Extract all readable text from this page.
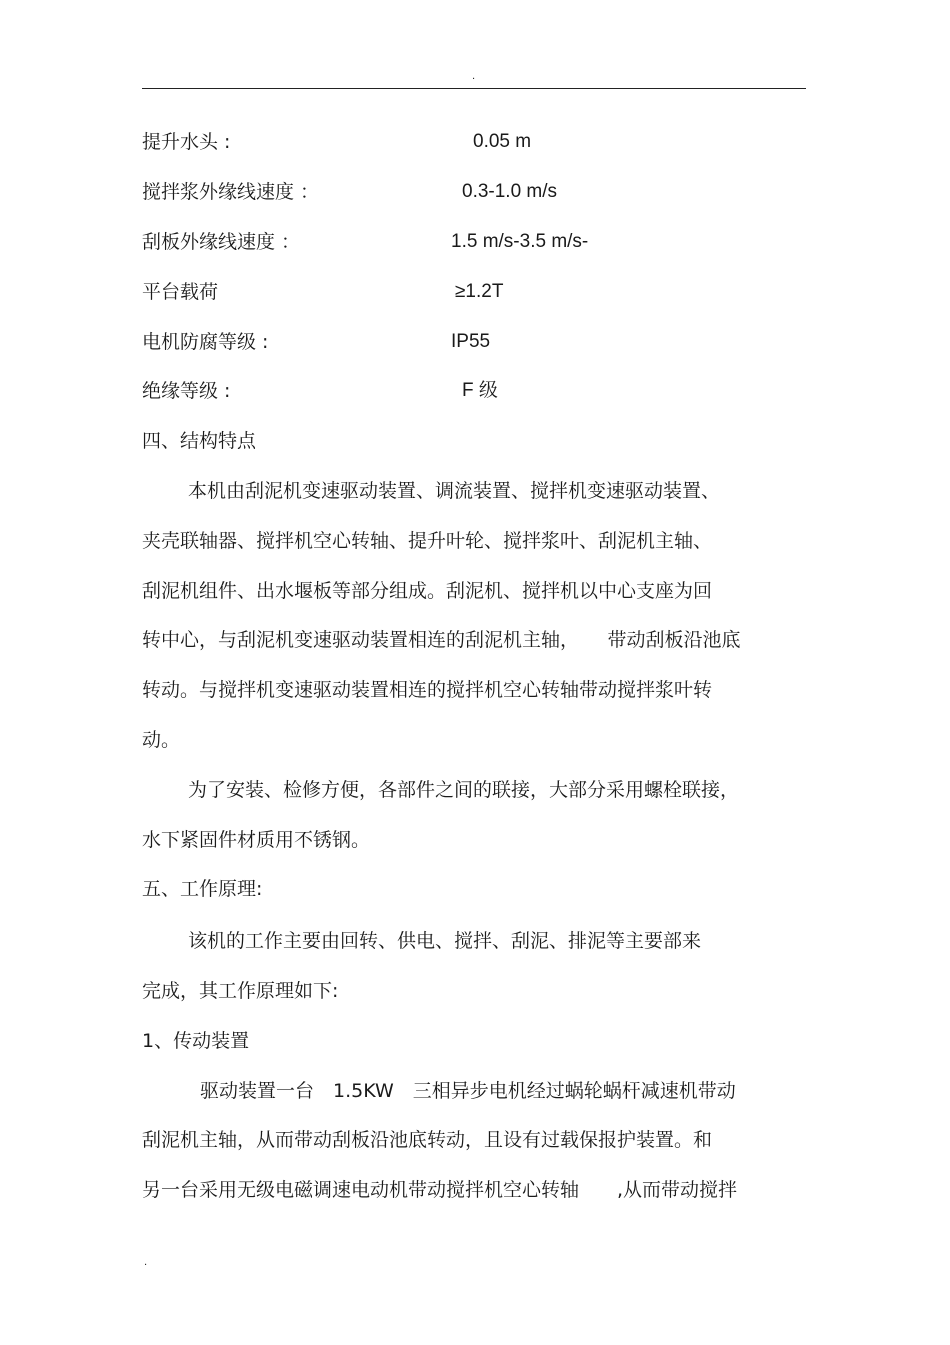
.
提升水头 :	0.05 m
搅拌浆外缘线速度 ：	0.3-1.0 m/s
刮板外缘线速度 ：	1.5 m/s-3.5 m/s-
平台载荷	≥1.2T
电机防腐等级 :	IP55
绝缘等级 :	F 级
四、结构特点
本机由刮泥机变速驱动装置、调流装置、搅拌机变速驱动装置、
夹壳联轴器、搅拌机空心转轴、提升叶轮、搅拌浆叶、刮泥机主轴、
刮泥机组件、出水堰板等部分组成。刮泥机、搅拌机以中心支座为回
转中心，与刮泥机变速驱动装置相连的刮泥机主轴，　　带动刮板沿池底
转动。与搅拌机变速驱动装置相连的搅拌机空心转轴带动搅拌浆叶转
动。
为了安装、检修方便，各部件之间的联接，大部分采用螺栓联接，
水下紧固件材质用不锈钢。
五、工作原理:
该机的工作主要由回转、供电、搅拌、刮泥、排泥等主要部来
完成，其工作原理如下:
1、传动装置
驱动装置一台　1.5KW　三相异步电机经过蜗轮蜗杆减速机带动
刮泥机主轴，从而带动刮板沿池底转动，且设有过载保报护装置。和
另一台采用无级电磁调速电动机带动搅拌机空心转轴　　,从而带动搅拌
.
